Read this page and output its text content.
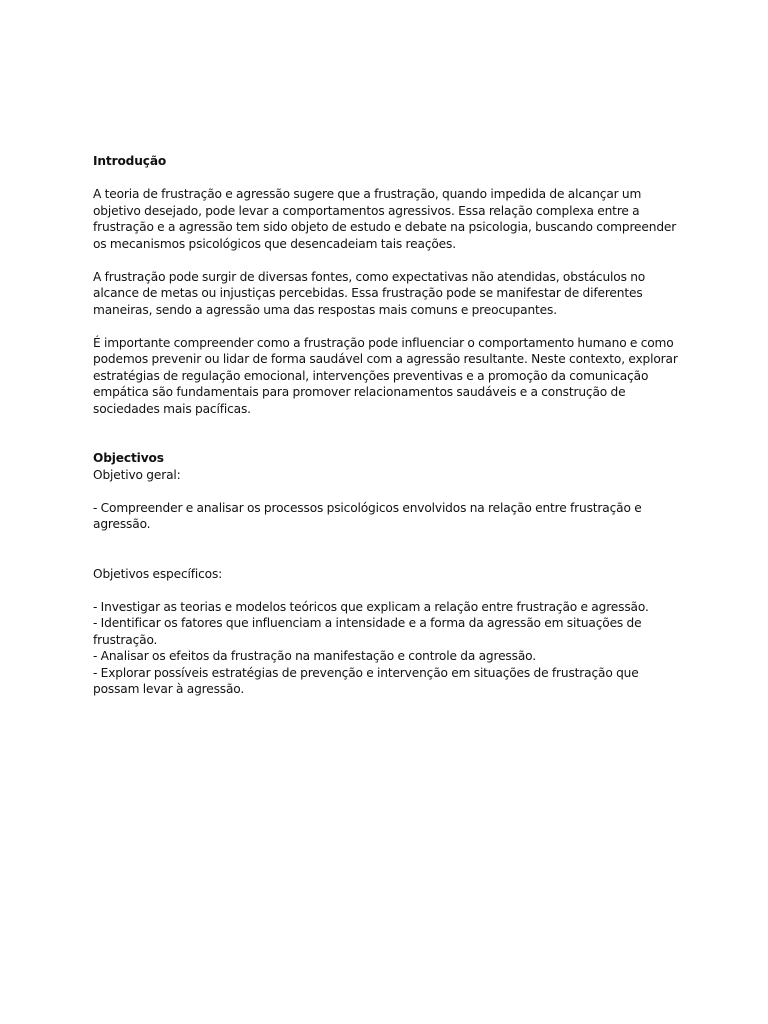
Introdução

A teoria de frustração e agressão sugere que a frustração, quando impedida de alcançar um objetivo desejado, pode levar a comportamentos agressivos. Essa relação complexa entre a frustração e a agressão tem sido objeto de estudo e debate na psicologia, buscando compreender os mecanismos psicológicos que desencadeiam tais reações.

A frustração pode surgir de diversas fontes, como expectativas não atendidas, obstáculos no alcance de metas ou injustiças percebidas. Essa frustração pode se manifestar de diferentes maneiras, sendo a agressão uma das respostas mais comuns e preocupantes.

É importante compreender como a frustração pode influenciar o comportamento humano e como podemos prevenir ou lidar de forma saudável com a agressão resultante. Neste contexto, explorar estratégias de regulação emocional, intervenções preventivas e a promoção da comunicação empática são fundamentais para promover relacionamentos saudáveis e a construção de sociedades mais pacíficas.

Objectivos

Objetivo geral:

- Compreender e analisar os processos psicológicos envolvidos na relação entre frustração e agressão.

Objetivos específicos:

- Investigar as teorias e modelos teóricos que explicam a relação entre frustração e agressão.
- Identificar os fatores que influenciam a intensidade e a forma da agressão em situações de frustração.
- Analisar os efeitos da frustração na manifestação e controle da agressão.
- Explorar possíveis estratégias de prevenção e intervenção em situações de frustração que possam levar à agressão.
